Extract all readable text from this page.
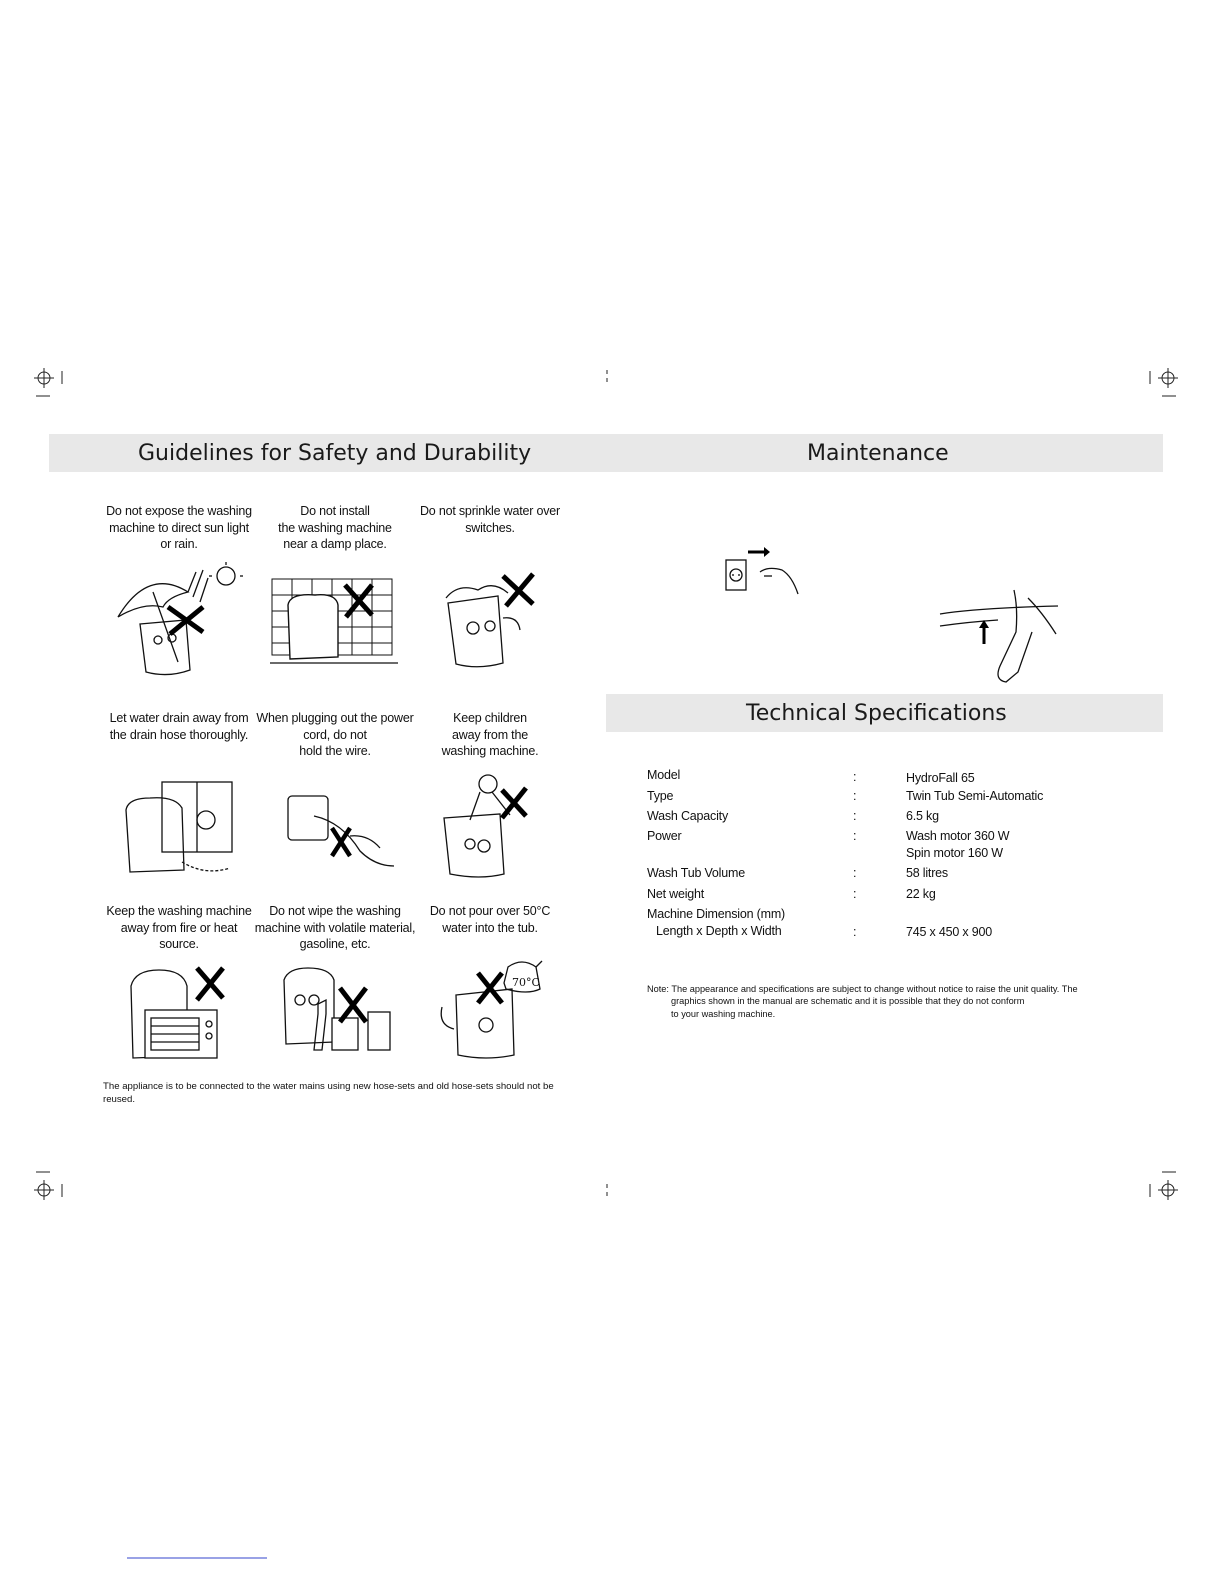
Guidelines for Safety and Durability	Maintenance
Technical Specifications
Do not expose the washing
machine to direct sun light
or rain.
Do not install
the washing machine
near a damp place.
Do not sprinkle water over
switches.
Let water drain away from
the drain hose thoroughly.
When plugging out the power
cord, do not
hold the wire.
Keep children
away from the
washing machine.
Keep the washing machine
away from fire or heat
source.
Do not wipe the washing
machine with volatile material,
gasoline, etc.
Do not pour over 50°C
water into the tub.
70°C
The appliance is to be connected to the water mains using new hose-sets and old hose-sets should not be
reused.
Model	:	HydroFall 65
Type	:	Twin Tub Semi-Automatic
Wash Capacity	:	6.5 kg
Power	:	Wash motor 360 W
Spin motor 160 W
Wash Tub Volume	:	58 litres
Net weight	:	22 kg
Machine Dimension (mm)
Length x Depth x Width	:	745 x 450 x 900
Note: The appearance and specifications are subject to change without notice to raise the unit quality. The
graphics shown in the manual are schematic and it is possible that they do not conform
to your washing machine.
